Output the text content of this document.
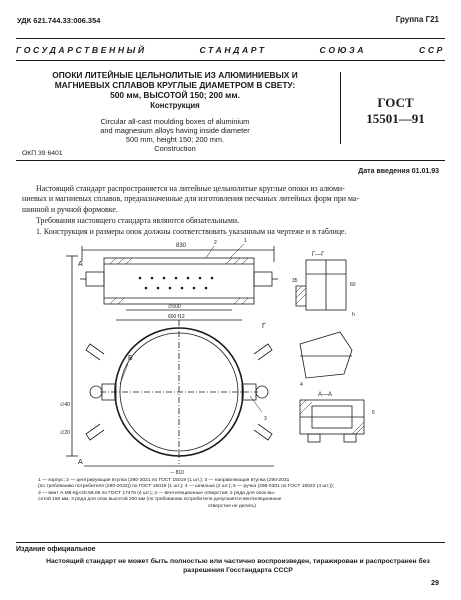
УДК 621.744.33:006.354	Группа Г21
ГОСУДАРСТВЕННЫЙ	СТАНДАРТ	СОЮЗА	ССР
ОПОКИ ЛИТЕЙНЫЕ ЦЕЛЬНОЛИТЫЕ ИЗ АЛЮМИНИЕВЫХ И
МАГНИЕВЫХ СПЛАВОВ КРУГЛЫЕ ДИАМЕТРОМ В СВЕТУ:
500 мм, ВЫСОТОЙ 150; 200 мм.
Конструкция
Circular all-cast moulding boxes of aluminium
and magnesium alloys having inside diameter
500 mm, height 150; 200 mm.
Construction
ГОСТ
15501—91
ОКП 39 6401
Дата введения 01.01.93
Настоящий стандарт распространяется на литейные цельнолитые круглые опоки из алюми-
ниевых и магниевых сплавов, предназначенные для изготовления песчаных литейных форм при ма-
шинной и ручной формовке.
Требования настоящего стандарта являются обязательными.
1. Конструкция и размеры опок должны соответствовать указанным на чертеже и в таблице.
830
600 f12
∅500
∼ 810
∅40
∅20
А
А
Б
Г
Г—Г
А—А
h
1
2
3
4
5
35
60
1 — корпус; 2 — центрирующая втулка (290-2021 по ГОСТ 15019 (1 шт.); 3 — направляющая втулка (290-2031
(по требованию потребителя (290-2032)) по ГОСТ 15019 (1 шт.); 4 — шпилька (2 шт.); 5 — ручка (298-0301 по ГОСТ 15022 (4 шт.));
3 — винт А.М6-6g×20.58.05 по ГОСТ 17475 (4 шт.); 4 — вентиляционные отверстия: 2 ряда для опок вы-
сотой 150 мм, 3 ряда для опок высотой 200 мм (по требованию потребителя допускается вентиляционные
отверстия не делать)
Издание официальное
Настоящий стандарт не может быть полностью или частично воспроизведен, тиражирован и распространен без
разрешения Госстандарта СССР
29
